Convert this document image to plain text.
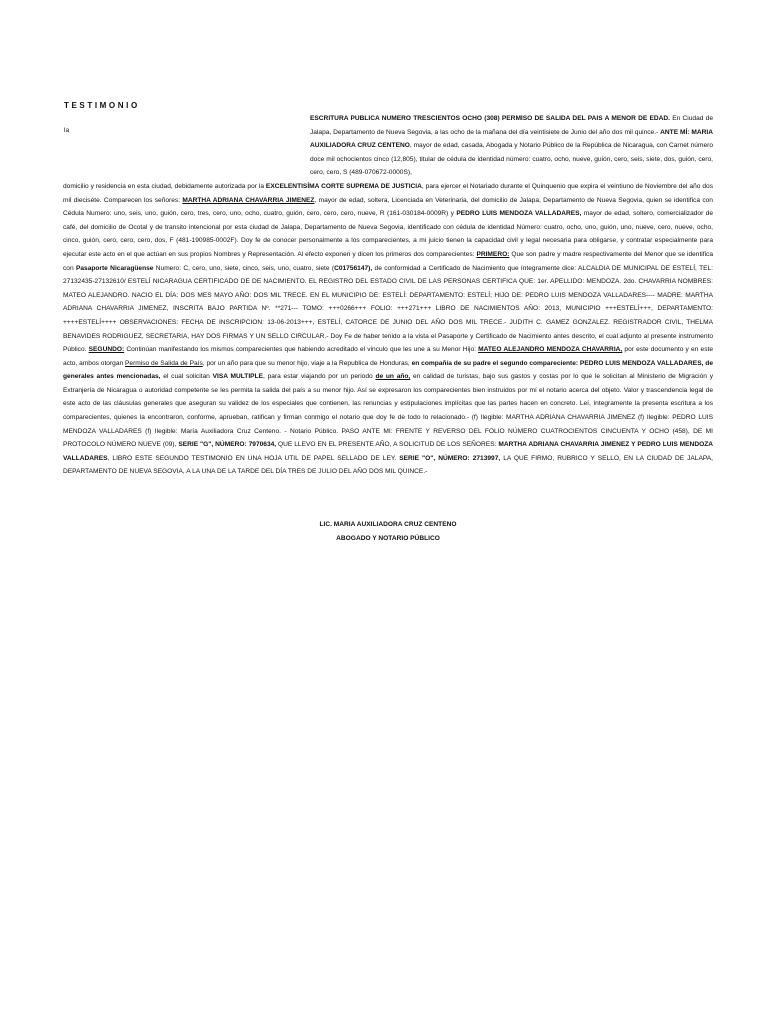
TESTIMONIO
la
ESCRITURA PUBLICA NUMERO TRESCIENTOS OCHO (308) PERMISO DE SALIDA DEL PAIS A MENOR DE EDAD. En Ciudad de Jalapa, Departamento de Nueva Segovia, a las ocho de la mañana del día veintisiete de Junio del año dos mil quince.- ANTE MÍ: MARIA AUXILIADORA CRUZ CENTENO, mayor de edad, casada, Abogada y Notario Público de la República de Nicaragua, con Carnet número doce mil ochocientos cinco (12,805), titular de cédula de identidad número: cuatro, ocho, nueve, guión, cero, seis, siete, dos, guión, cero, cero, cero, S (489-070672-0000S),
domicilio y residencia en esta ciudad, debidamente autorizada por la EXCELENTISÍMA CORTE SUPREMA DE JUSTICIA, para ejercer el Notariado durante el Quinquenio que expira el veintiuno de Noviembre del año dos mil dieciséte. Comparecen los señores: MARTHA ADRIANA CHAVARRIA JIMENEZ, mayor de edad, soltera, Licenciada en Veterinaria, del domicilio de Jalapa, Departamento de Nueva Segovia, quien se identifica con Cédula Numero: uno, seis, uno, guión, cero, tres, cero, uno, ocho, cuatro, guión, cero, cero, cero, nueve, R (161-030184-0009R) y PEDRO LUIS MENDOZA VALLADARES, mayor de edad, soltero, comercializador de café, del domicilio de Ocotal y de transito intencional por esta ciudad de Jalapa, Departamento de Nueva Segovia, identificado con cédula de identidad Número: cuatro, ocho, uno, guión, uno, nueve, cero, nueve, ocho, cinco, guión, cero, cero, cero, dos, F (481-190985-0002F). Doy fe de conocer personalmente a los comparecientes, a mi juicio tienen la capacidad civil y legal necesaria para obligarse, y contratar especialmente para ejecutar este acto en el que actúan en sus propios Nombres y Representación. Al efecto exponen y dicen los primeros dos comparecientes: PRIMERO: Que son padre y madre respectivamente del Menor que se identifica con Pasaporte Nicaragüense Numero: C, cero, uno, siete, cinco, seis, uno, cuatro, siete (C01756147), de conformidad a Certificado de Nacimiento que íntegramente dice: ALCALDIA DE MUNICIPAL DE ESTELÍ, TEL: 27132435-27132610/ ESTELÍ NICARAGUA CERTIFICADO DE DE NACIMIENTO. EL REGISTRO DEL ESTADO CIVIL DE LAS PERSONAS CERTIFICA QUE: 1er. APELLIDO: MENDOZA. 2do. CHAVARRIA NOMBRES: MATEO ALEJANDRO. NACIO EL DÍA: DOS MES MAYO AÑO: DOS MIL TRECE. EN EL MUNICIPIO DE: ESTELÍ: DEPARTAMENTO: ESTELÍ; HIJO DE: PEDRO LUIS MENDOZA VALLADARES---- MADRE: MARTHA ADRIANA CHAVARRIA JIMENEZ, INSCRITA BAJO PARTIDA Nº. **271--- TOMO: +++0266+++ FOLIO: +++271+++ LIBRO DE NACIMIENTOS AÑO: 2013, MUNICIPIO +++ESTELÍ+++, DEPARTAMENTO: ++++ESTELÍ++++ OBSERVACIONES: FECHA DE INSCRIPCION: 13-06-2013+++, ESTELÍ, CATORCE DE JUNIO DEL AÑO DOS MIL TRECE.- JUDITH C. GAMEZ GONZALEZ. REGISTRADOR CIVIL, THELMA BENAVIDES RODRIGUEZ, SECRETARIA, HAY DOS FIRMAS Y UN SELLO CIRCULAR.- Doy Fe de haber tenido a la vista el Pasaporte y Certificado de Nacimiento antes descrito, el cual adjunto al presente instrumento Público. SEGUNDO: Continúan manifestando los mismos comparecientes que habiendo acreditado el vinculo que les une a su Menor Hijo: MATEO ALEJANDRO MENDOZA CHAVARRIA, por este documento y en este acto, ambos otorgan Permiso de Salida de País, por un año para que su menor hijo, viaje a la Republica de Honduras, en compañía de su padre el segundo compareciente: PEDRO LUIS MENDOZA VALLADARES, de generales antes mencionadas, el cual solicitan VISA MULTIPLE, para estar viajando por un periodo de un año, en calidad de turistas, bajo sus gastos y costas por lo que le solicitan al Ministerio de Migración y Extranjería de Nicaragua o autoridad competente se les permita la salida del país a su menor hijo. Así se expresaron los comparecientes bien instruidos por mí el notario acerca del objeto. Valor y trascendencia legal de este acto de las cláusulas generales que aseguran su validez de los especiales que contienen, las renuncias y estipulaciones implícitas que las partes hacen en concreto. Leí, íntegramente la presenta escritura a los comparecientes, quienes la encontraron, conforme, aprueban, ratifican y firman conmigo el notario que doy fe de todo lo relacionado.- (f) Ilegible: MARTHA ADRIANA CHAVARRIA JIMENEZ (f) Ilegible: PEDRO LUIS MENDOZA VALLADARES (f) Ilegible: María Auxiliadora Cruz Centeno. - Notario Público. PASO ANTE MI: FRENTE Y REVERSO DEL FOLIO NÚMERO CUATROCIENTOS CINCUENTA Y OCHO (458), DE MI PROTOCOLO NÚMERO NUEVE (09), SERIE "G", NÚMERO: 7970634, QUE LLEVO EN EL PRESENTE AÑO, A SOLICITUD DE LOS SEÑORES: MARTHA ADRIANA CHAVARRIA JIMENEZ Y PEDRO LUIS MENDOZA VALLADARES, LIBRO ESTE SEGUNDO TESTIMONIO EN UNA HOJA UTIL DE PAPEL SELLADO DE LEY. SERIE "O", NÚMERO: 2713997, LA QUE FIRMO, RUBRICO Y SELLO, EN LA CIUDAD DE JALAPA, DEPARTAMENTO DE NUEVA SEGOVIA, A LA UNA DE LA TARDE DEL DÍA TRES DE JULIO DEL AÑO DOS MIL QUINCE.-
LIC. MARIA AUXILIADORA CRUZ CENTENO
ABOGADO Y NOTARIO PÚBLICO
